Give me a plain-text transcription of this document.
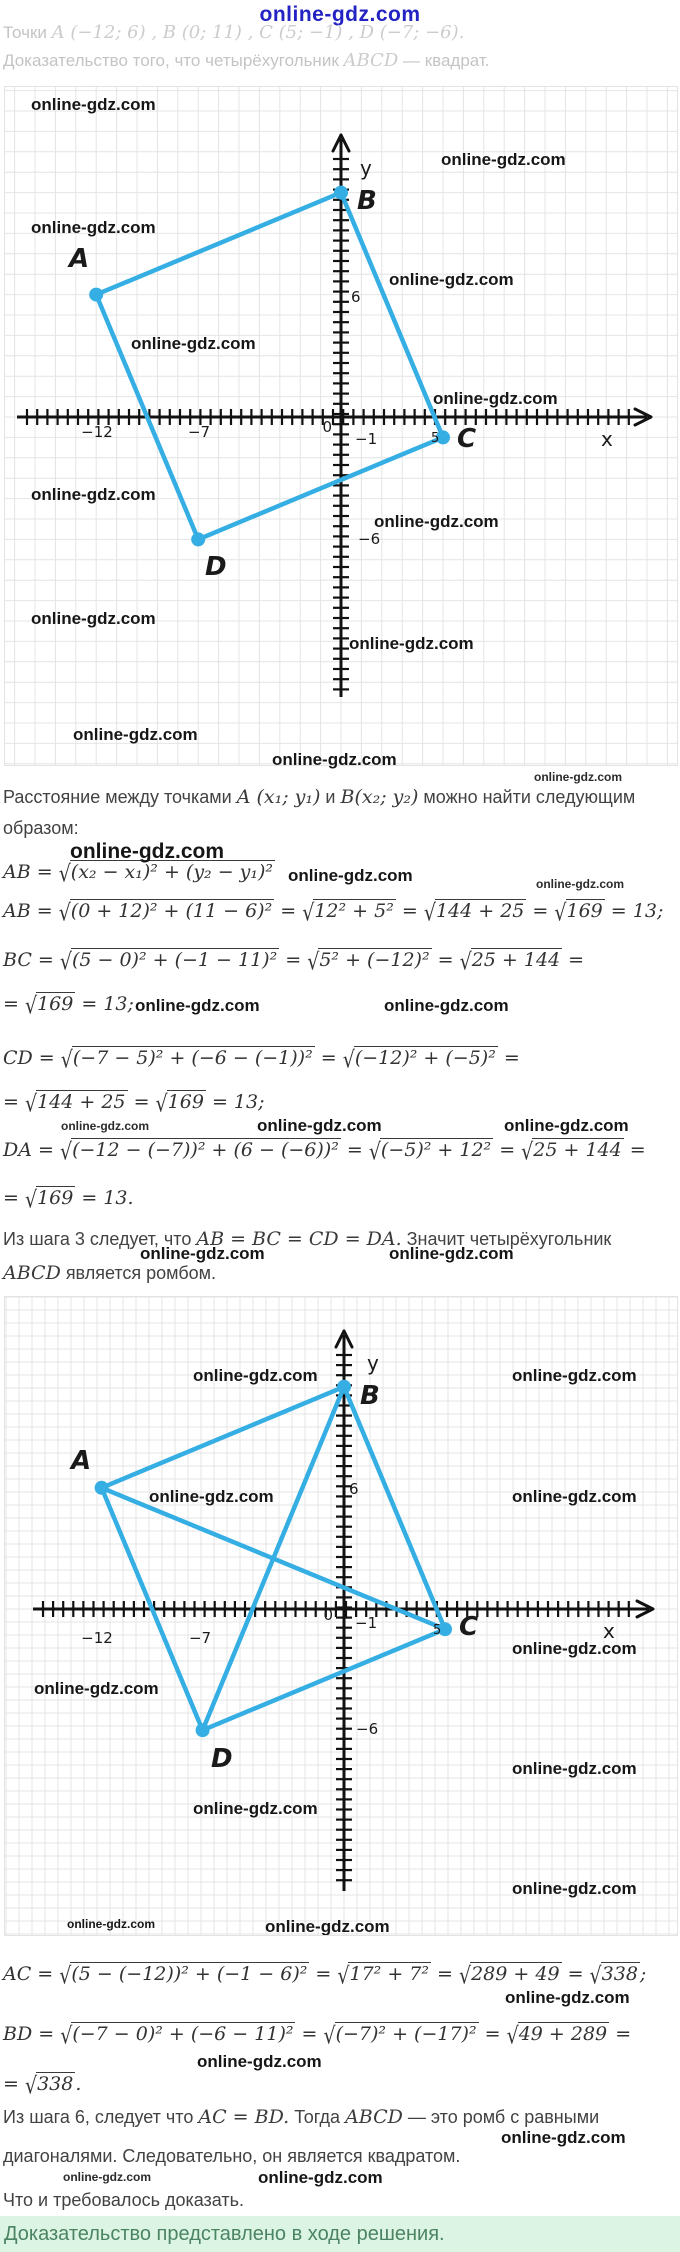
online-gdz.com
Точки A (−12; 6) , B (0; 11) , C (5; −1) , D (−7; −6).
Доказательство того, что четырёхугольник ABCD — квадрат.
A
B
C
D
−12	−7	0
−1	5
6
−6
x
y
online-gdz.com
online-gdz.com
online-gdz.com
online-gdz.com
online-gdz.com
online-gdz.com
online-gdz.com
online-gdz.com
online-gdz.com
online-gdz.com
online-gdz.com
A
B
C
D
−12	−7
0 −1	5
6
−6
x
y
online-gdz.com	online-gdz.com
online-gdz.com	online-gdz.com
online-gdz.com
online-gdz.com
online-gdz.com
online-gdz.com
online-gdz.com
online-gdz.com	online-gdz.com
Расстояние между точками A (x₁; y₁) и B(x₂; y₂) можно найти следующим
образом:
AB = √(x₂ − x₁)² + (y₂ − y₁)²
AB = √(0 + 12)² + (11 − 6)² = √12² + 5² = √144 + 25 = √169 = 13;
BC = √(5 − 0)² + (−1 − 11)² = √5² + (−12)² = √25 + 144 =
= √169 = 13;
CD = √(−7 − 5)² + (−6 − (−1))² = √(−12)² + (−5)² =
= √144 + 25 = √169 = 13;
DA = √(−12 − (−7))² + (6 − (−6))² = √(−5)² + 12² = √25 + 144 =
= √169 = 13.
Из шага 3 следует, что AB = BC = CD = DA. Значит четырёхугольник
ABCD является ромбом.
AC = √(5 − (−12))² + (−1 − 6)² = √17² + 7² = √289 + 49 = √338 ;
BD = √(−7 − 0)² + (−6 − 11)² = √(−7)² + (−17)² = √49 + 289 =
= √338 .
Из шага 6, следует что AC = BD. Тогда ABCD — это ромб с равными
диагоналями. Следовательно, он является квадратом.
Что и требовалось доказать.
online-gdz.com
online-gdz.com
online-gdz.com
online-gdz.com	online-gdz.com
online-gdz.com	online-gdz.com
online-gdz.com	online-gdz.com	online-gdz.com
online-gdz.com	online-gdz.com
online-gdz.com
online-gdz.com
online-gdz.com
online-gdz.com	online-gdz.com
Доказательство представлено в ходе решения.
